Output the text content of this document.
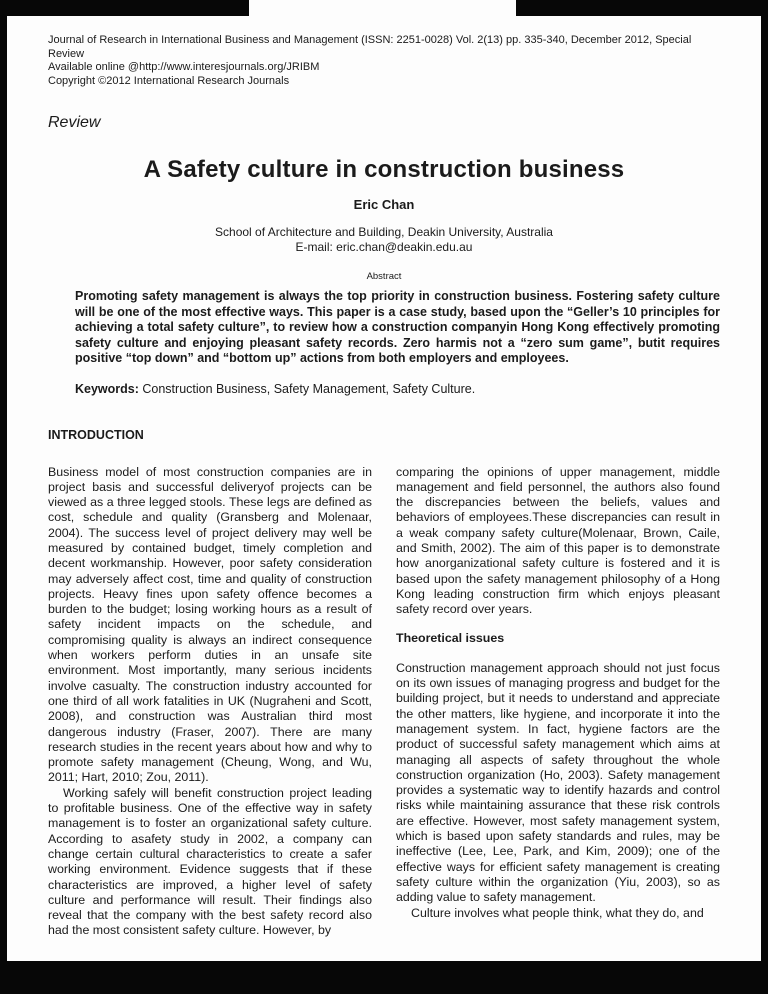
Journal of Research in International Business and Management (ISSN: 2251-0028) Vol. 2(13) pp. 335-340, December 2012, Special

Review

Available online @http://www.interesjournals.org/JRIBM

Copyright ©2012 International Research Journals

Review

A Safety culture in construction business

Eric Chan

School of Architecture and Building, Deakin University, Australia
E-mail: eric.chan@deakin.edu.au

Abstract

Promoting safety management is always the top priority in construction business. Fostering safety culture will be one of the most effective ways. This paper is a case study, based upon the “Geller’s 10 principles for achieving a total safety culture”, to review how a construction companyin Hong Kong effectively promoting safety culture and enjoying pleasant safety records. Zero harmis not a “zero sum game”, butit requires positive “top down” and “bottom up” actions from both employers and employees.

Keywords: Construction Business, Safety Management, Safety Culture.

INTRODUCTION

Business model of most construction companies are in project basis and successful deliveryof projects can be viewed as a three legged stools. These legs are defined as cost, schedule and quality (Gransberg and Molenaar, 2004). The success level of project delivery may well be measured by contained budget, timely completion and decent workmanship. However, poor safety consideration may adversely affect cost, time and quality of construction projects. Heavy fines upon safety offence becomes a burden to the budget; losing working hours as a result of safety incident impacts on the schedule, and compromising quality is always an indirect consequence when workers perform duties in an unsafe site environment. Most importantly, many serious incidents involve casualty. The construction industry accounted for one third of all work fatalities in UK (Nugraheni and Scott, 2008), and construction was Australian third most dangerous industry (Fraser, 2007). There are many research studies in the recent years about how and why to promote safety management (Cheung, Wong, and Wu, 2011; Hart, 2010; Zou, 2011).

Working safely will benefit construction project leading to profitable business. One of the effective way in safety management is to foster an organizational safety culture. According to asafety study in 2002, a company can change certain cultural characteristics to create a safer working environment. Evidence suggests that if these characteristics are improved, a higher level of safety culture and performance will result. Their findings also reveal that the company with the best safety record also had the most consistent safety culture. However, by

comparing the opinions of upper management, middle management and field personnel, the authors also found the discrepancies between the beliefs, values and behaviors of employees.These discrepancies can result in a weak company safety culture(Molenaar, Brown, Caile, and Smith, 2002). The aim of this paper is to demonstrate how anorganizational safety culture is fostered and it is based upon the safety management philosophy of a Hong Kong leading construction firm which enjoys pleasant safety record over years.

Theoretical issues

Construction management approach should not just focus on its own issues of managing progress and budget for the building project, but it needs to understand and appreciate the other matters, like hygiene, and incorporate it into the management system. In fact, hygiene factors are the product of successful safety management which aims at managing all aspects of safety throughout the whole construction organization (Ho, 2003). Safety management provides a systematic way to identify hazards and control risks while maintaining assurance that these risk controls are effective. However, most safety management system, which is based upon safety standards and rules, may be ineffective (Lee, Lee, Park, and Kim, 2009); one of the effective ways for efficient safety management is creating safety culture within the organization (Yiu, 2003), so as adding value to safety management.

Culture involves what people think, what they do, and
